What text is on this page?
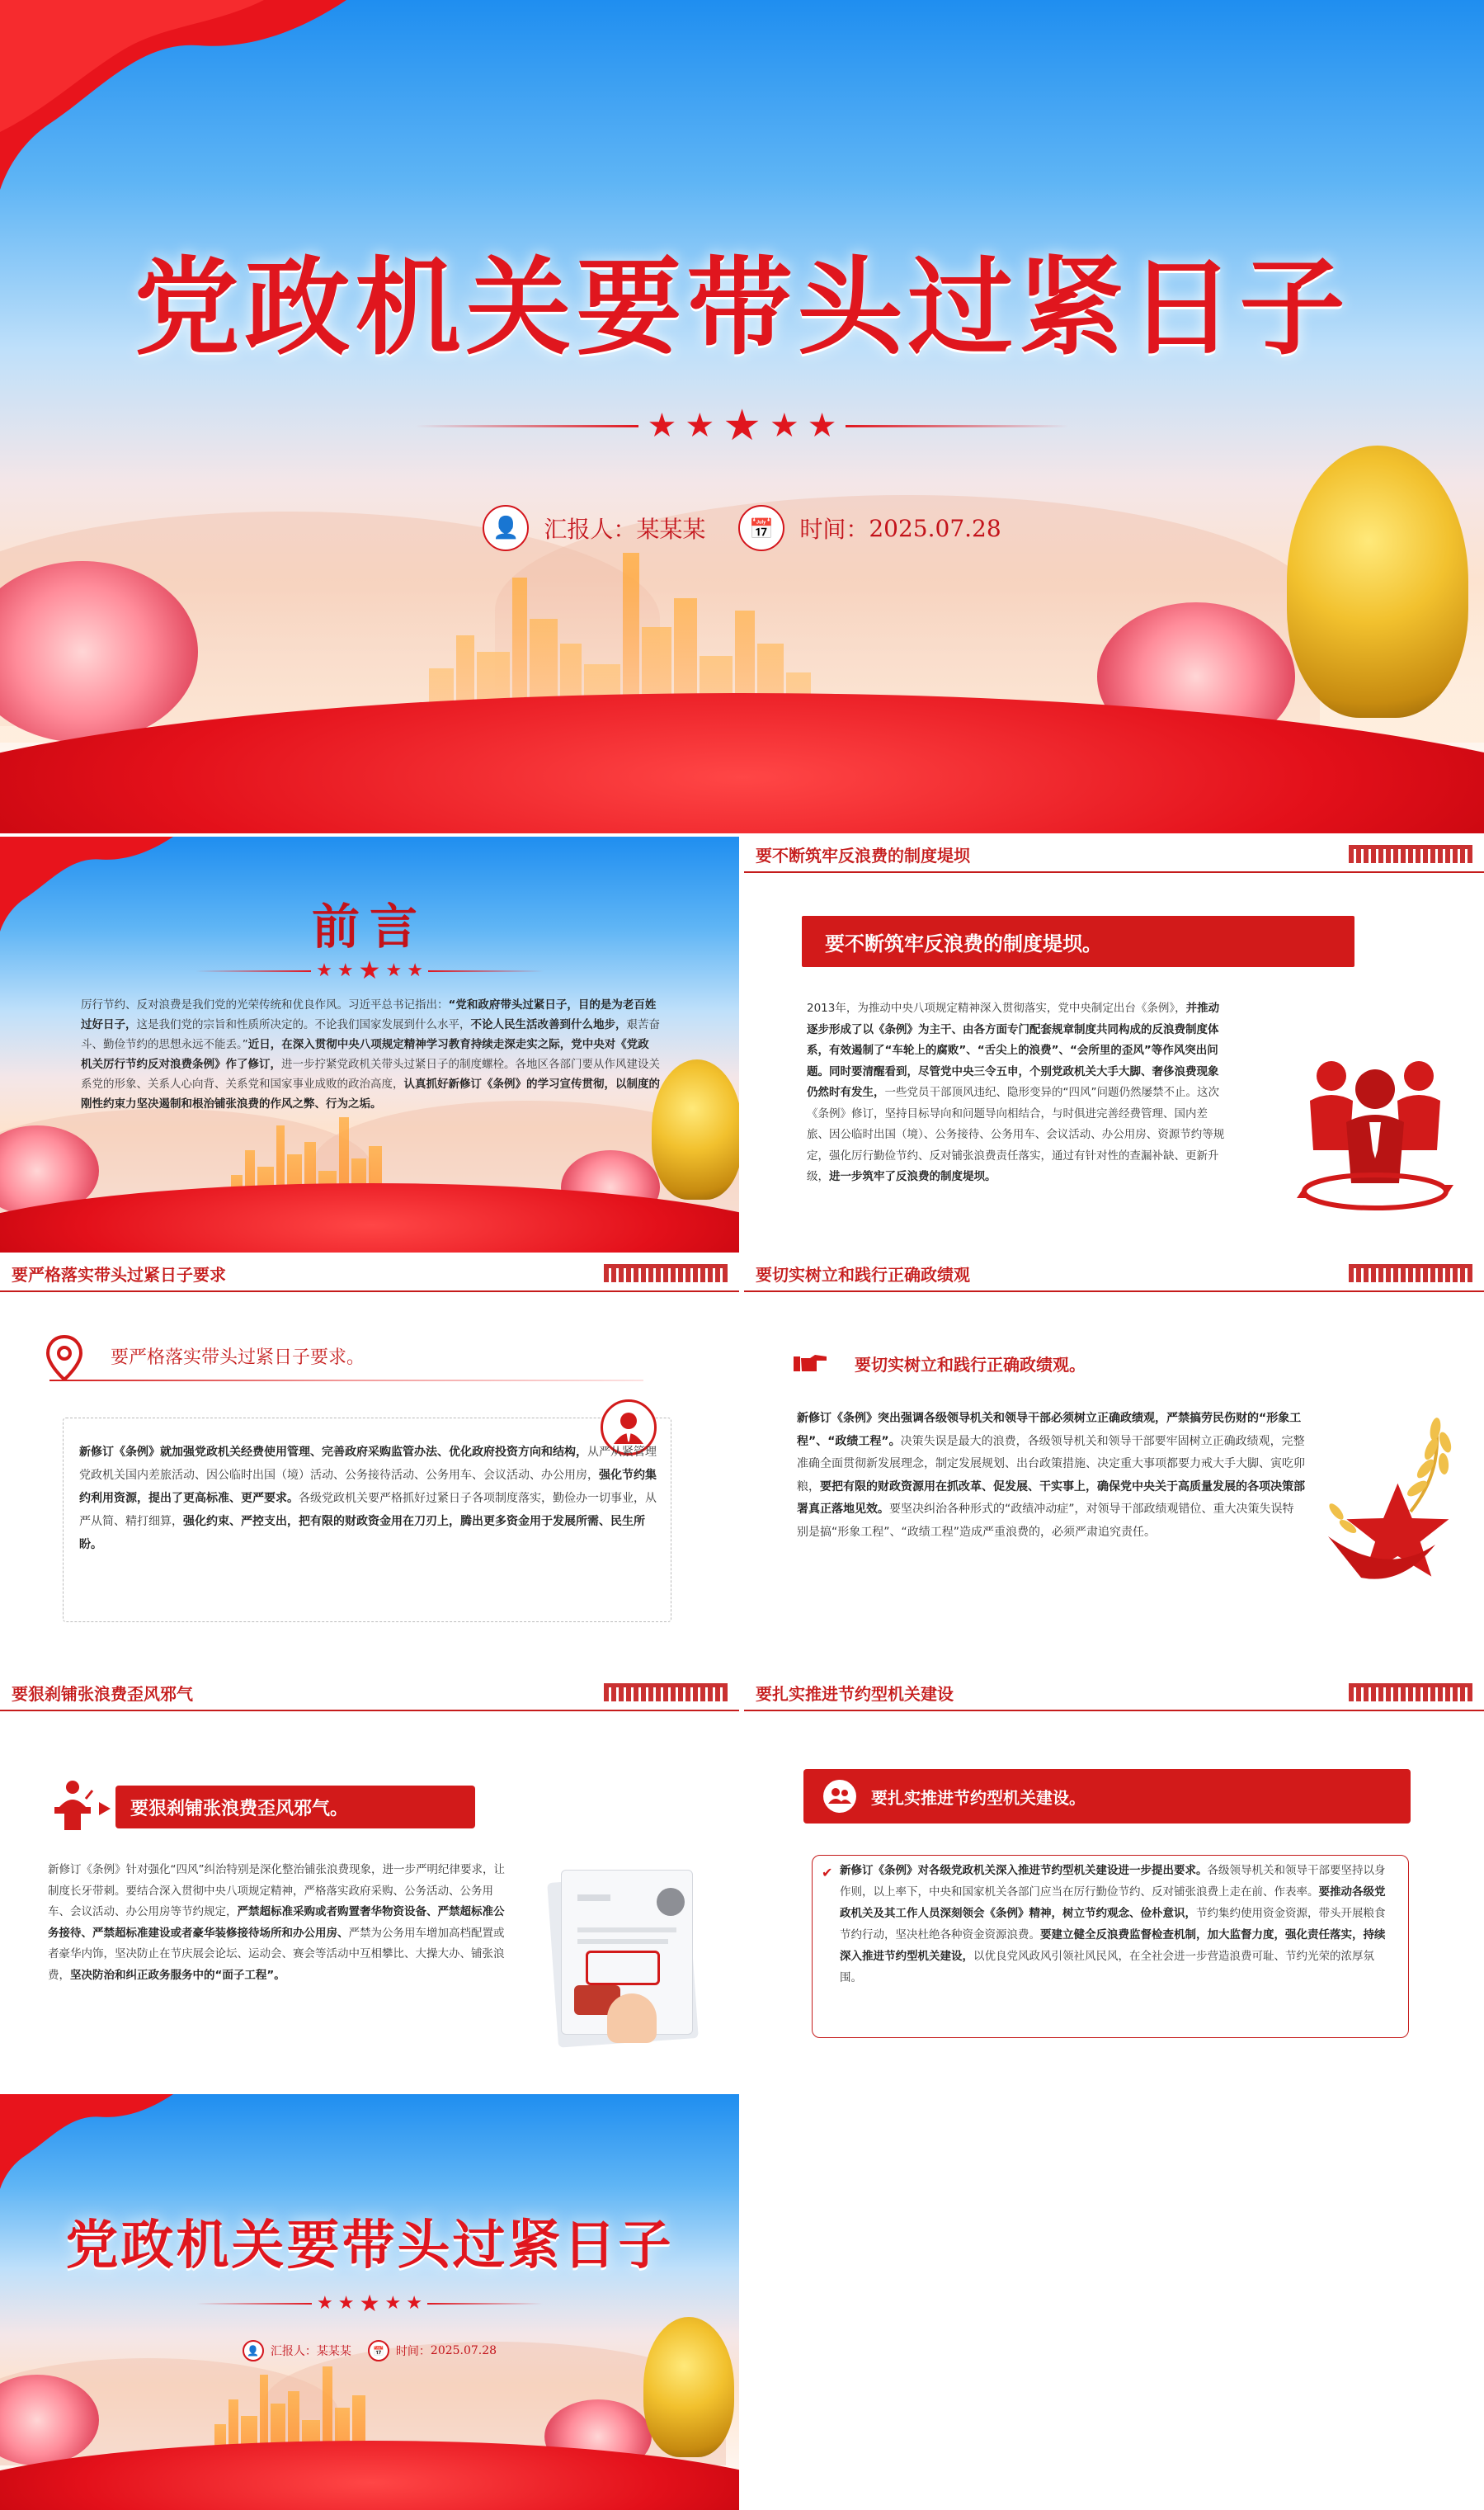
党政机关要带头过紧日子
★ ★ ★ ★ ★
👤	汇报人： 某某某	📅	时间： 2025.07.28
前言
★ ★ ★ ★ ★
厉行节约、反对浪费是我们党的光荣传统和优良作风。习近平总书记指出：“党和政府带头过紧日子，目的是为老百姓过好日子，这是我们党的宗旨和性质所决定的。不论我们国家发展到什么水平，不论人民生活改善到什么地步，艰苦奋斗、勤俭节约的思想永远不能丢。”近日，在深入贯彻中央八项规定精神学习教育持续走深走实之际，党中央对《党政机关厉行节约反对浪费条例》作了修订，进一步拧紧党政机关带头过紧日子的制度螺栓。各地区各部门要从作风建设关系党的形象、关系人心向背、关系党和国家事业成败的政治高度，认真抓好新修订《条例》的学习宣传贯彻，以制度的刚性约束力坚决遏制和根治铺张浪费的作风之弊、行为之垢。
要不断筑牢反浪费的制度堤坝
要不断筑牢反浪费的制度堤坝。
2013年，为推动中央八项规定精神深入贯彻落实，党中央制定出台《条例》，并推动逐步形成了以《条例》为主干、由各方面专门配套规章制度共同构成的反浪费制度体系，有效遏制了“车轮上的腐败”、“舌尖上的浪费”、“会所里的歪风”等作风突出问题。同时要清醒看到，尽管党中央三令五申，个别党政机关大手大脚、奢侈浪费现象仍然时有发生，一些党员干部顶风违纪、隐形变异的“四风”问题仍然屡禁不止。这次《条例》修订，坚持目标导向和问题导向相结合，与时俱进完善经费管理、国内差旅、因公临时出国（境）、公务接待、公务用车、会议活动、办公用房、资源节约等规定，强化厉行勤俭节约、反对铺张浪费责任落实，通过有针对性的查漏补缺、更新升级，进一步筑牢了反浪费的制度堤坝。
要严格落实带头过紧日子要求
要严格落实带头过紧日子要求。
新修订《条例》就加强党政机关经费使用管理、完善政府采购监管办法、优化政府投资方向和结构，从严从紧管理党政机关国内差旅活动、因公临时出国（境）活动、公务接待活动、公务用车、会议活动、办公用房，强化节约集约利用资源，提出了更高标准、更严要求。各级党政机关要严格抓好过紧日子各项制度落实，勤俭办一切事业，从严从简、精打细算，强化约束、严控支出，把有限的财政资金用在刀刃上，腾出更多资金用于发展所需、民生所盼。
要切实树立和践行正确政绩观
要切实树立和践行正确政绩观。
新修订《条例》突出强调各级领导机关和领导干部必须树立正确政绩观，严禁搞劳民伤财的“形象工程”、“政绩工程”。决策失误是最大的浪费，各级领导机关和领导干部要牢固树立正确政绩观，完整准确全面贯彻新发展理念，制定发展规划、出台政策措施、决定重大事项都要力戒大手大脚、寅吃卯粮，要把有限的财政资源用在抓改革、促发展、干实事上，确保党中央关于高质量发展的各项决策部署真正落地见效。要坚决纠治各种形式的“政绩冲动症”，对领导干部政绩观错位、重大决策失误特别是搞“形象工程”、“政绩工程”造成严重浪费的，必须严肃追究责任。
要狠刹铺张浪费歪风邪气
要狠刹铺张浪费歪风邪气。
新修订《条例》针对强化“四风”纠治特别是深化整治铺张浪费现象，进一步严明纪律要求，让制度长牙带刺。要结合深入贯彻中央八项规定精神，严格落实政府采购、公务活动、公务用车、会议活动、办公用房等节约规定，严禁超标准采购或者购置奢华物资设备、严禁超标准公务接待、严禁超标准建设或者豪华装修接待场所和办公用房、严禁为公务用车增加高档配置或者豪华内饰，坚决防止在节庆展会论坛、运动会、赛会等活动中互相攀比、大操大办、铺张浪费，坚决防治和纠正政务服务中的“面子工程”。
要扎实推进节约型机关建设
要扎实推进节约型机关建设。
✔ 新修订《条例》对各级党政机关深入推进节约型机关建设进一步提出要求。各级领导机关和领导干部要坚持以身作则，以上率下，中央和国家机关各部门应当在厉行勤俭节约、反对铺张浪费上走在前、作表率。要推动各级党政机关及其工作人员深刻领会《条例》精神，树立节约观念、俭朴意识，节约集约使用资金资源，带头开展粮食节约行动，坚决杜绝各种资金资源浪费。要建立健全反浪费监督检查机制，加大监督力度，强化责任落实，持续深入推进节约型机关建设，以优良党风政风引领社风民风，在全社会进一步营造浪费可耻、节约光荣的浓厚氛围。
党政机关要带头过紧日子
★ ★ ★ ★ ★
👤 汇报人： 某某某	📅	时间： 2025.07.28
